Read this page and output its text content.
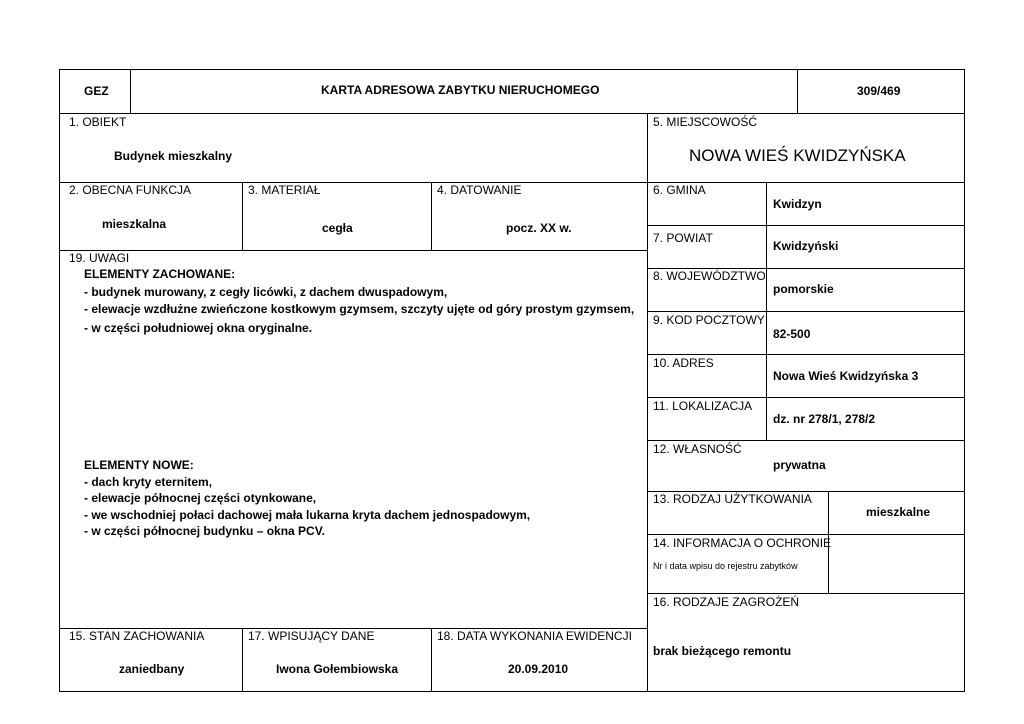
GEZ	KARTA ADRESOWA ZABYTKU NIERUCHOMEGO	309/469
1. OBIEKT
Budynek mieszkalny
5. MIEJSCOWOŚĆ
NOWA WIEŚ KWIDZYŃSKA
2. OBECNA FUNKCJA
mieszkalna
3. MATERIAŁ
cegła
4. DATOWANIE
pocz. XX w.
6. GMINA
Kwidzyn
7. POWIAT
Kwidzyński
8. WOJEWÓDZTWO
pomorskie
9. KOD POCZTOWY
82-500
10. ADRES
Nowa Wieś Kwidzyńska 3
11. LOKALIZACJA
dz. nr 278/1, 278/2
12. WŁASNOŚĆ
prywatna
13. RODZAJ UŻYTKOWANIA
mieszkalne
14. INFORMACJA O OCHRONIE
Nr i data wpisu do rejestru zabytków
16. RODZAJE ZAGROŻEŃ
brak bieżącego remontu
19. UWAGI
ELEMENTY ZACHOWANE:
- budynek murowany, z cegły licówki, z dachem dwuspadowym,
- elewacje wzdłużne zwieńczone kostkowym gzymsem, szczyty ujęte od góry prostym gzymsem,
- w części południowej okna oryginalne.
ELEMENTY NOWE:
- dach kryty eternitem,
- elewacje północnej części otynkowane,
- we wschodniej połaci dachowej mała lukarna kryta dachem jednospadowym,
- w części północnej budynku – okna PCV.
15. STAN ZACHOWANIA
zaniedbany
17. WPISUJĄCY DANE
Iwona Gołembiowska
18. DATA WYKONANIA EWIDENCJI
20.09.2010
